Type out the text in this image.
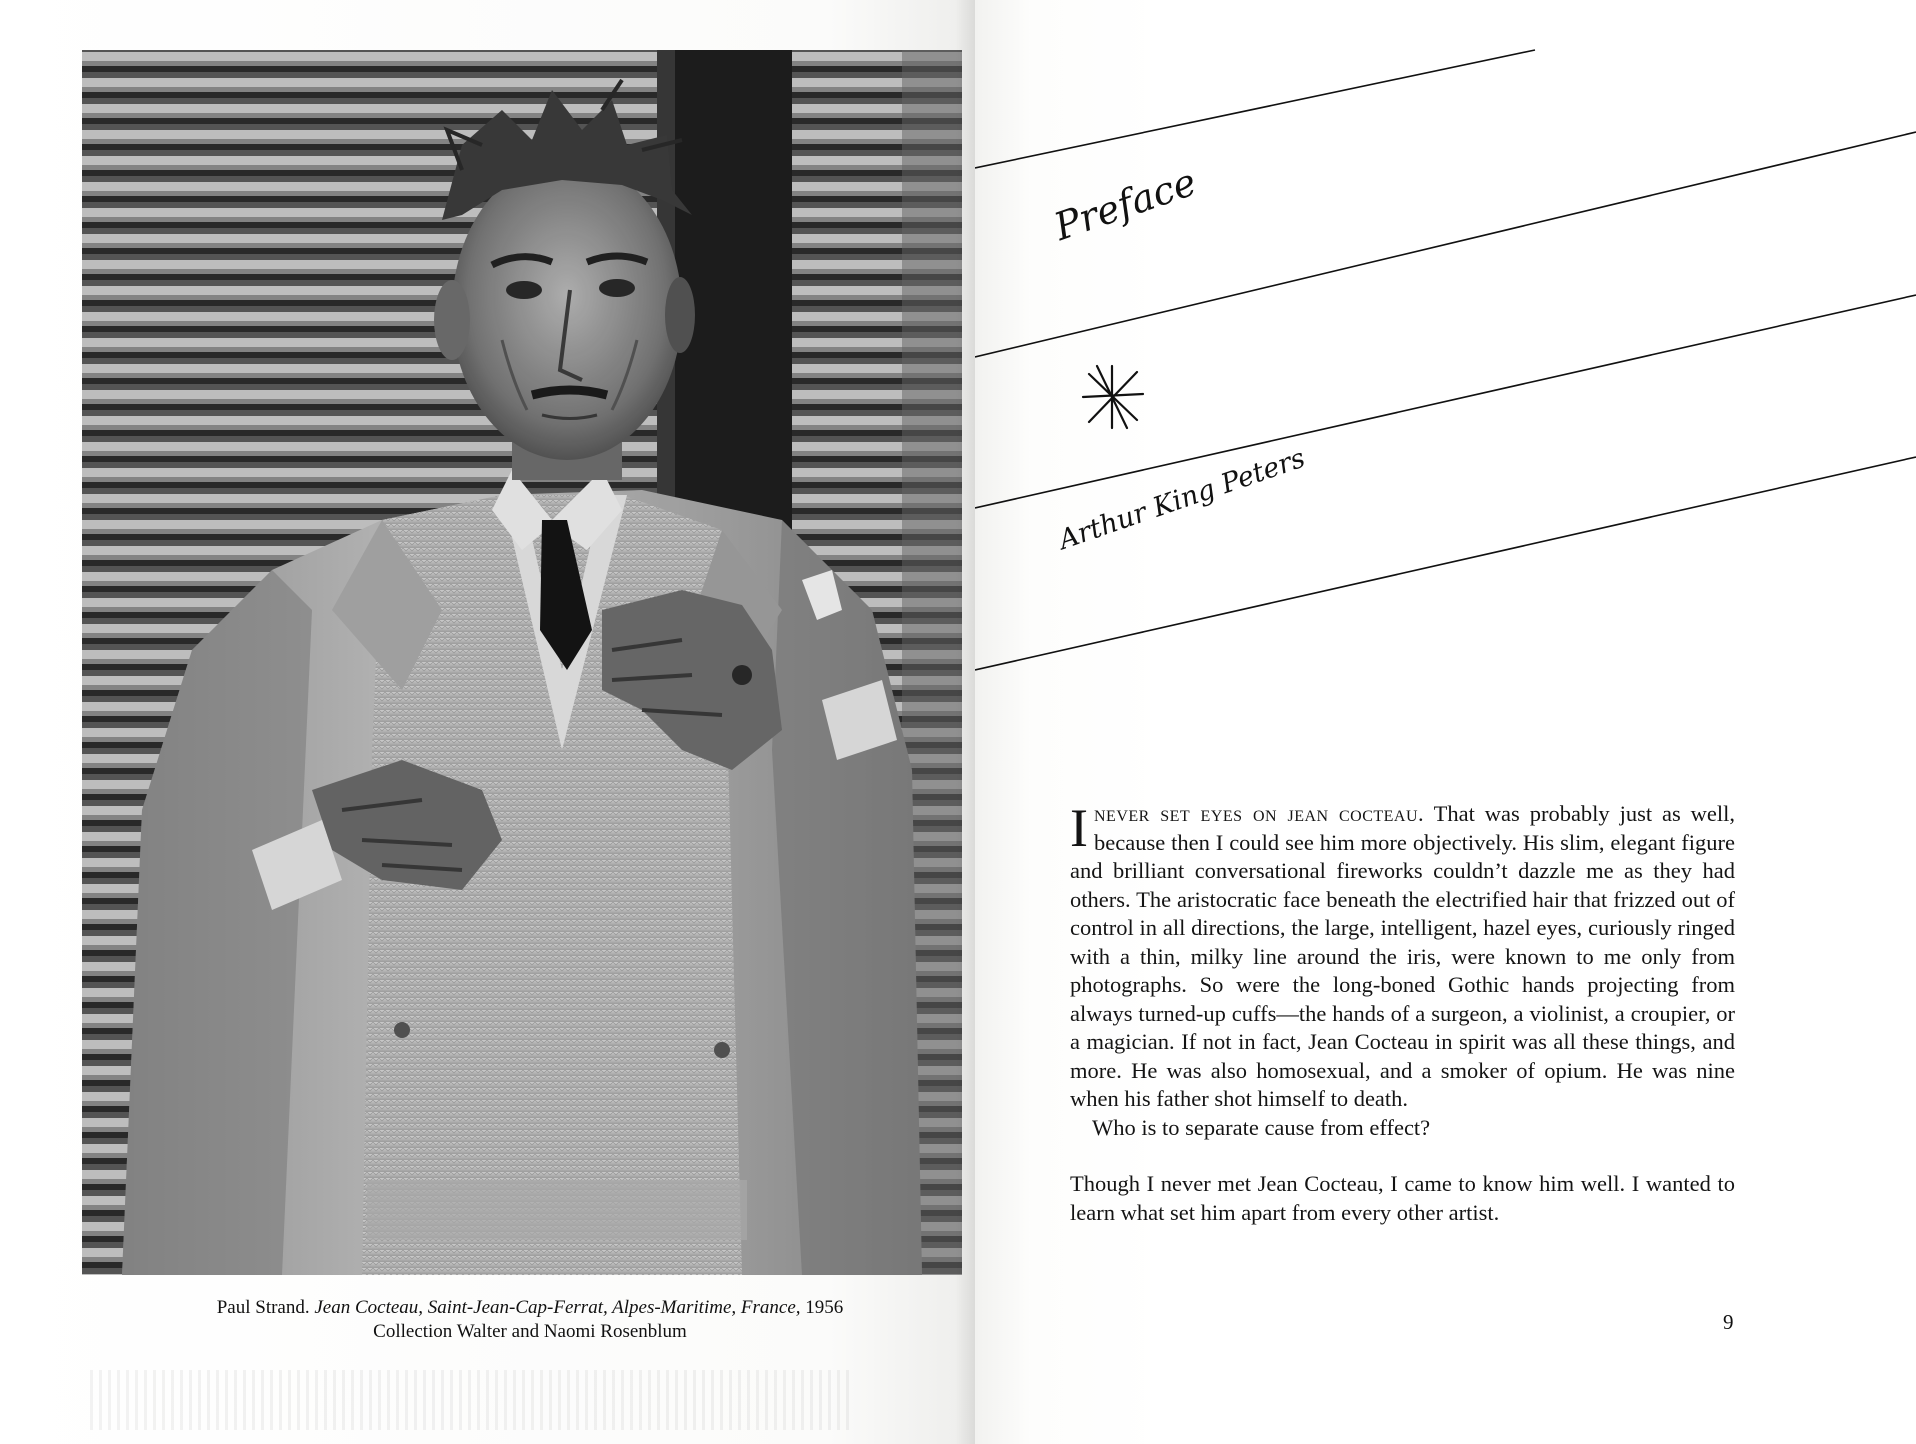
Paul Strand. Jean Cocteau, Saint-Jean-Cap-Ferrat, Alpes-Maritime, France, 1956
Collection Walter and Naomi Rosenblum
Preface
Arthur King Peters

Inever set eyes on jean cocteau. That was probably just as well, because then I could see him more objectively. His slim, elegant figure and brilliant conversational fireworks couldn’t dazzle me as they had others. The aristocratic face beneath the electrified hair that frizzed out of control in all directions, the large, intelligent, hazel eyes, curiously ringed with a thin, milky line around the iris, were known to me only from photographs. So were the long-boned Gothic hands projecting from always turned-up cuffs—the hands of a surgeon, a violinist, a croupier, or a magician. If not in fact, Jean Cocteau in spirit was all these things, and more. He was also homosexual, and a smoker of opium. He was nine when his father shot himself to death.

Who is to separate cause from effect?

Though I never met Jean Cocteau, I came to know him well. I wanted to learn what set him apart from every other artist.

9
